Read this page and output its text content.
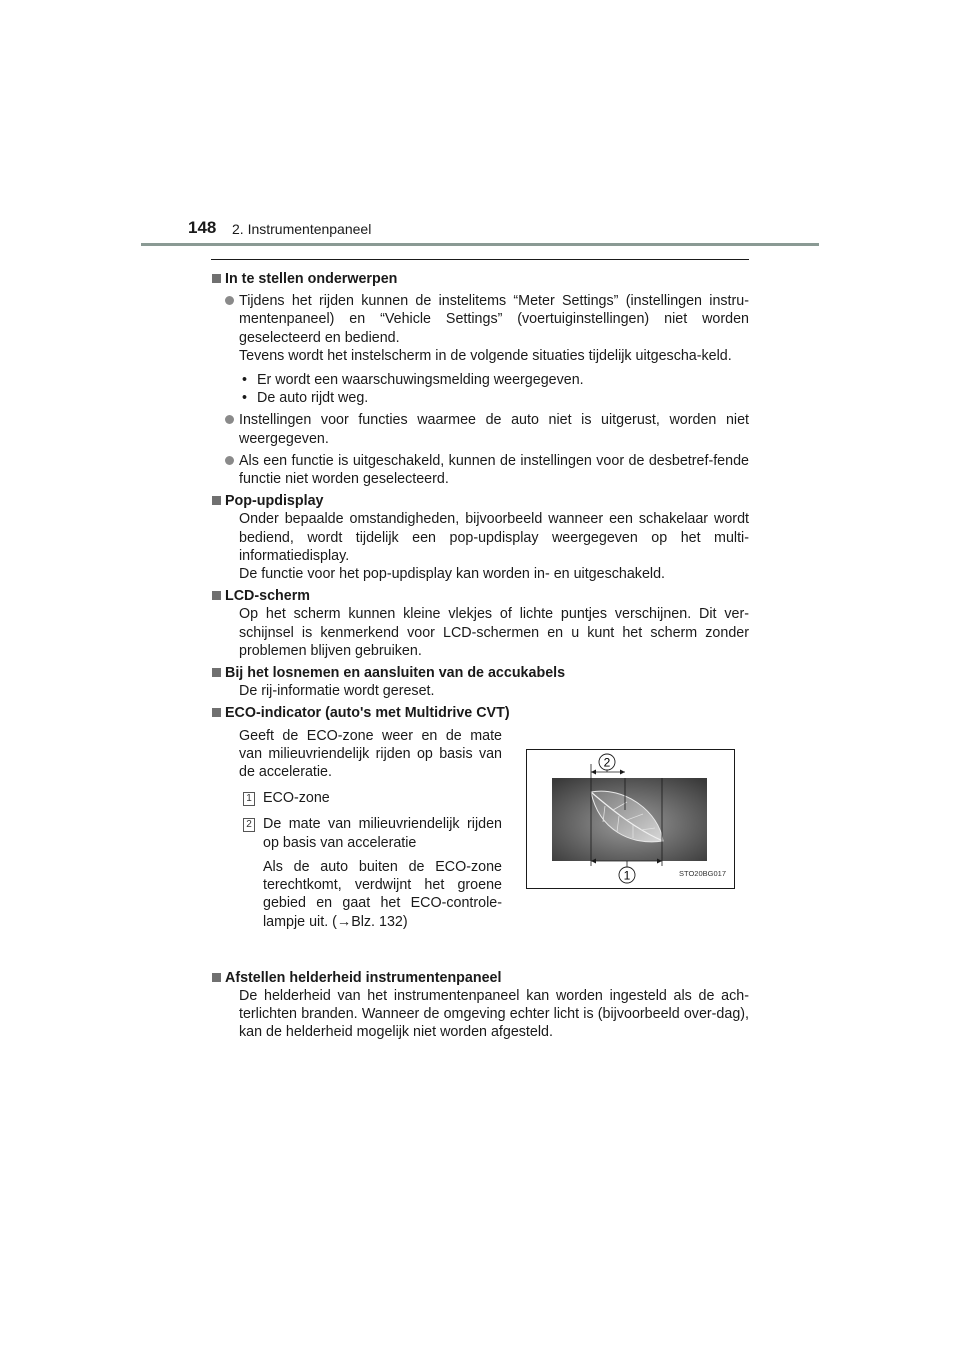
148 2. Instrumentenpaneel
In te stellen onderwerpen

Tijdens het rijden kunnen de instelitems “Meter Settings” (instellingen instru-mentenpaneel) en “Vehicle Settings” (voertuiginstellingen) niet worden geselecteerd en bediend.

Tevens wordt het instelscherm in de volgende situaties tijdelijk uitgescha-keld.

• Er wordt een waarschuwingsmelding weergegeven.
• De auto rijdt weg.
Instellingen voor functies waarmee de auto niet is uitgerust, worden niet weergegeven.
Als een functie is uitgeschakeld, kunnen de instellingen voor de desbetref-fende functie niet worden geselecteerd.
Pop-updisplay

Onder bepaalde omstandigheden, bijvoorbeeld wanneer een schakelaar wordt bediend, wordt tijdelijk een pop-updisplay weergegeven op het multi-informatiedisplay.

De functie voor het pop-updisplay kan worden in- en uitgeschakeld.

LCD-scherm
Op het scherm kunnen kleine vlekjes of lichte puntjes verschijnen. Dit ver-schijnsel is kenmerkend voor LCD-schermen en u kunt het scherm zonder problemen blijven gebruiken.
Bij het losnemen en aansluiten van de accukabels
De rij-informatie wordt gereset.
ECO-indicator (auto's met Multidrive CVT)

Geeft de ECO-zone weer en de mate van milieuvriendelijk rijden op basis van de acceleratie.

1 ECO-zone
2 De mate van milieuvriendelijk rijden op basis van acceleratie
Als de auto buiten de ECO-zone terechtkomt, verdwijnt het groene gebied en gaat het ECO-controle-lampje uit. (→Blz. 132)
2
1	STO20BG017
Afstellen helderheid instrumentenpaneel
De helderheid van het instrumentenpaneel kan worden ingesteld als de ach-terlichten branden. Wanneer de omgeving echter licht is (bijvoorbeeld over-dag), kan de helderheid mogelijk niet worden afgesteld.
